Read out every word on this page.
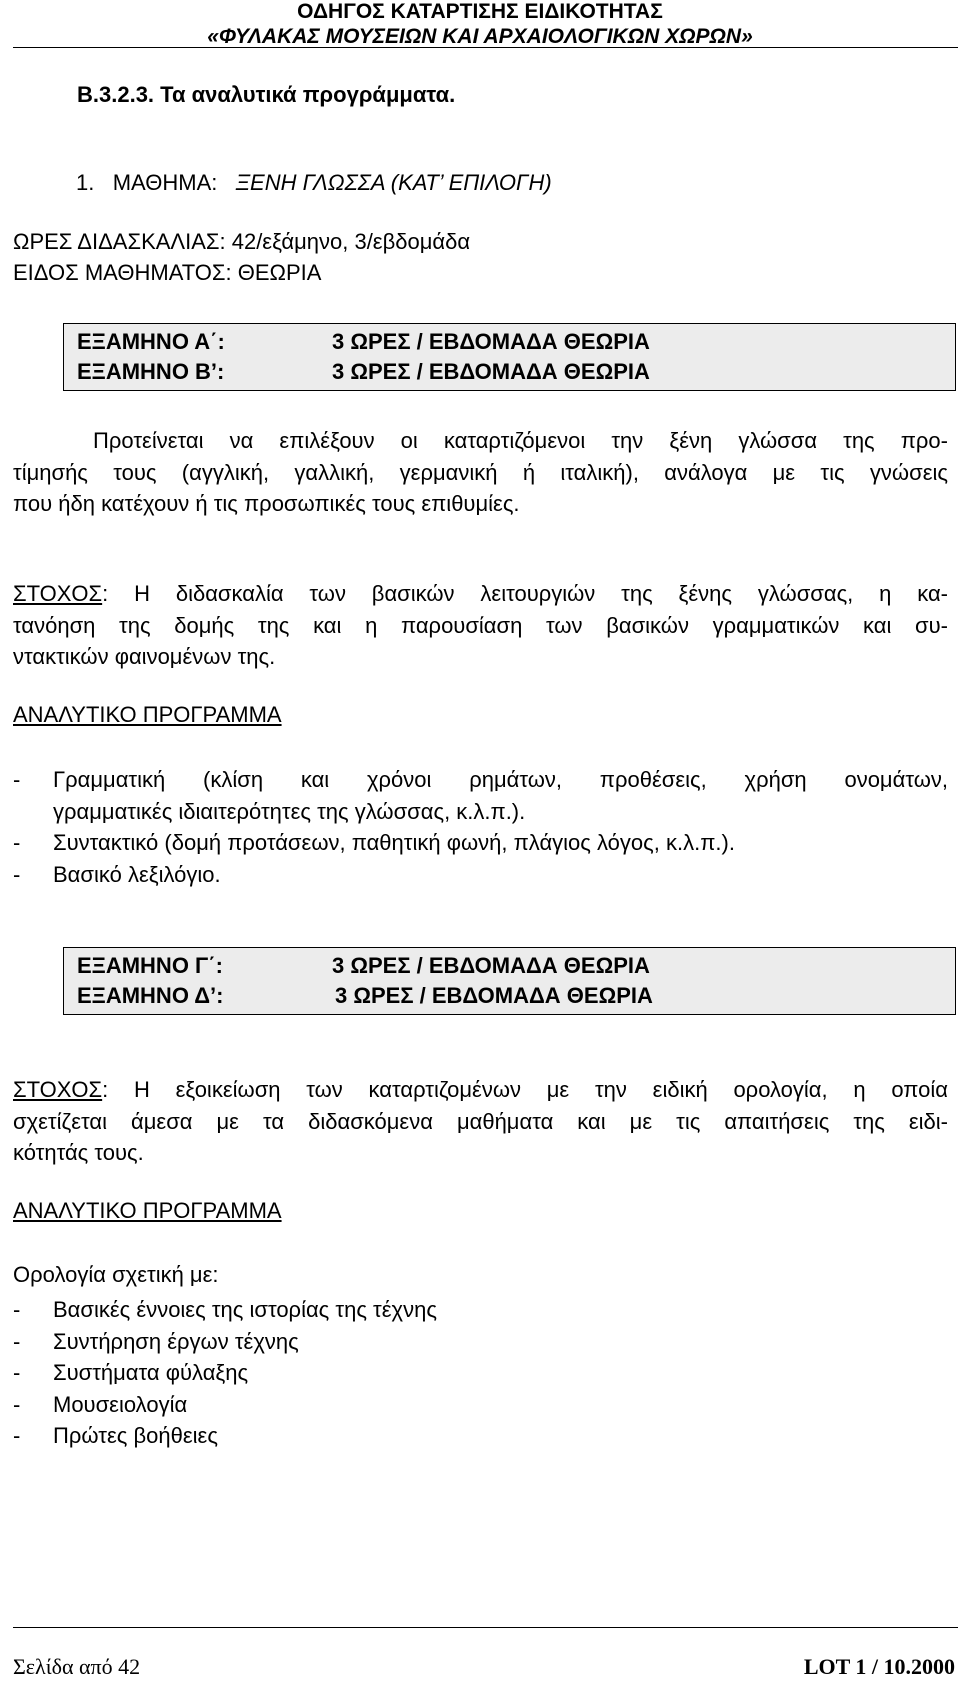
ΟΔΗΓΟΣ ΚΑΤΑΡΤΙΣΗΣ ΕΙΔΙΚΟΤΗΤΑΣ
«ΦΥΛΑΚΑΣ ΜΟΥΣΕΙΩΝ ΚΑΙ ΑΡΧΑΙΟΛΟΓΙΚΩΝ ΧΩΡΩΝ»
B.3.2.3. Τα αναλυτικά προγράμματα.
1. ΜΑΘΗΜΑ: ΞΕΝΗ ΓΛΩΣΣΑ (ΚΑΤ’ ΕΠΙΛΟΓΗ)
ΩΡΕΣ ΔΙΔΑΣΚΑΛΙΑΣ: 42/εξάμηνο, 3/εβδομάδα
ΕΙΔΟΣ ΜΑΘΗΜΑΤΟΣ: ΘΕΩΡΙΑ
ΕΞΑΜΗΝΟ Α΄:	3 ΩΡΕΣ / ΕΒΔΟΜΑΔΑ ΘΕΩΡΙΑ
ΕΞΑΜΗΝΟ Β’:	3 ΩΡΕΣ / ΕΒΔΟΜΑΔΑ ΘΕΩΡΙΑ
Προτείνεται να επιλέξουν οι καταρτιζόμενοι την ξένη γλώσσα της προ-
τίμησής τους (αγγλική, γαλλική, γερμανική ή ιταλική), ανάλογα με τις γνώσεις
που ήδη κατέχουν ή τις προσωπικές τους επιθυμίες.
ΣΤΟΧΟΣ: Η διδασκαλία των βασικών λειτουργιών της ξένης γλώσσας, η κα-
τανόηση της δομής της και η παρουσίαση των βασικών γραμματικών και συ-
ντακτικών φαινομένων της.
ΑΝΑΛΥΤΙΚΟ ΠΡΟΓΡΑΜΜΑ
- Γραμματική (κλίση και χρόνοι ρημάτων, προθέσεις, χρήση ονομάτων,
γραμματικές ιδιαιτερότητες της γλώσσας, κ.λ.π.).
- Συντακτικό (δομή προτάσεων, παθητική φωνή, πλάγιος λόγος, κ.λ.π.).
- Βασικό λεξιλόγιο.
ΕΞΑΜΗΝΟ Γ΄:	3 ΩΡΕΣ / ΕΒΔΟΜΑΔΑ ΘΕΩΡΙΑ
ΕΞΑΜΗΝΟ Δ’:	3 ΩΡΕΣ / ΕΒΔΟΜΑΔΑ ΘΕΩΡΙΑ
ΣΤΟΧΟΣ: Η εξοικείωση των καταρτιζομένων με την ειδική ορολογία, η οποία
σχετίζεται άμεσα με τα διδασκόμενα μαθήματα και με τις απαιτήσεις της ειδι-
κότητάς τους.
ΑΝΑΛΥΤΙΚΟ ΠΡΟΓΡΑΜΜΑ
Ορολογία σχετική με:
- Βασικές έννοιες της ιστορίας της τέχνης
- Συντήρηση έργων τέχνης
- Συστήματα φύλαξης
- Μουσειολογία
- Πρώτες βοήθειες
Σελίδα από 42	LOT 1 / 10.2000
